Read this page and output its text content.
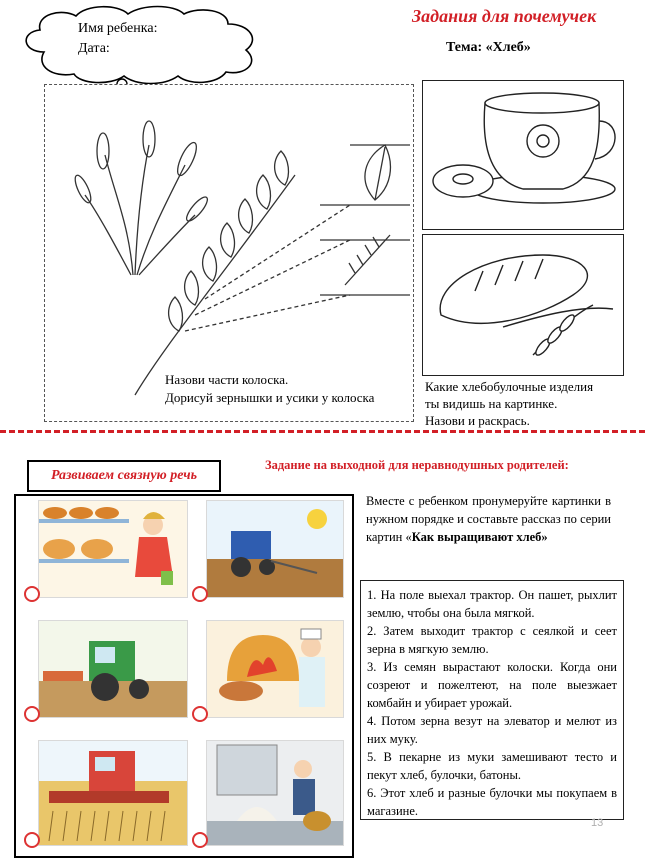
Имя ребенка:
Дата:
Задания для почемучек
Тема: «Хлеб»
Назови части колоска.
Дорисуй зернышки и усики у колоска
Какие хлебобулочные изделия
ты видишь на картинке.
Назови и раскрась.
Развиваем связную речь
Задание на выходной для неравнодушных родителей:
Вместе с ребенком пронумеруйте картинки в нужном порядке и составьте рассказ по серии картин «Как выращивают хлеб»
1. На поле выехал трактор. Он пашет, рыхлит землю, чтобы она была мягкой.
2. Затем выходит трактор с сеялкой и сеет зерна в мягкую землю.
3. Из семян вырастают колоски. Когда они созреют и пожелтеют, на поле выезжает комбайн и убирает урожай.
4. Потом зерна везут на элеватор и мелют из них муку.
5. В пекарне из муки замешивают тесто и пекут хлеб, булочки, батоны.
6. Этот хлеб и разные булочки мы покупаем в магазине.
13
